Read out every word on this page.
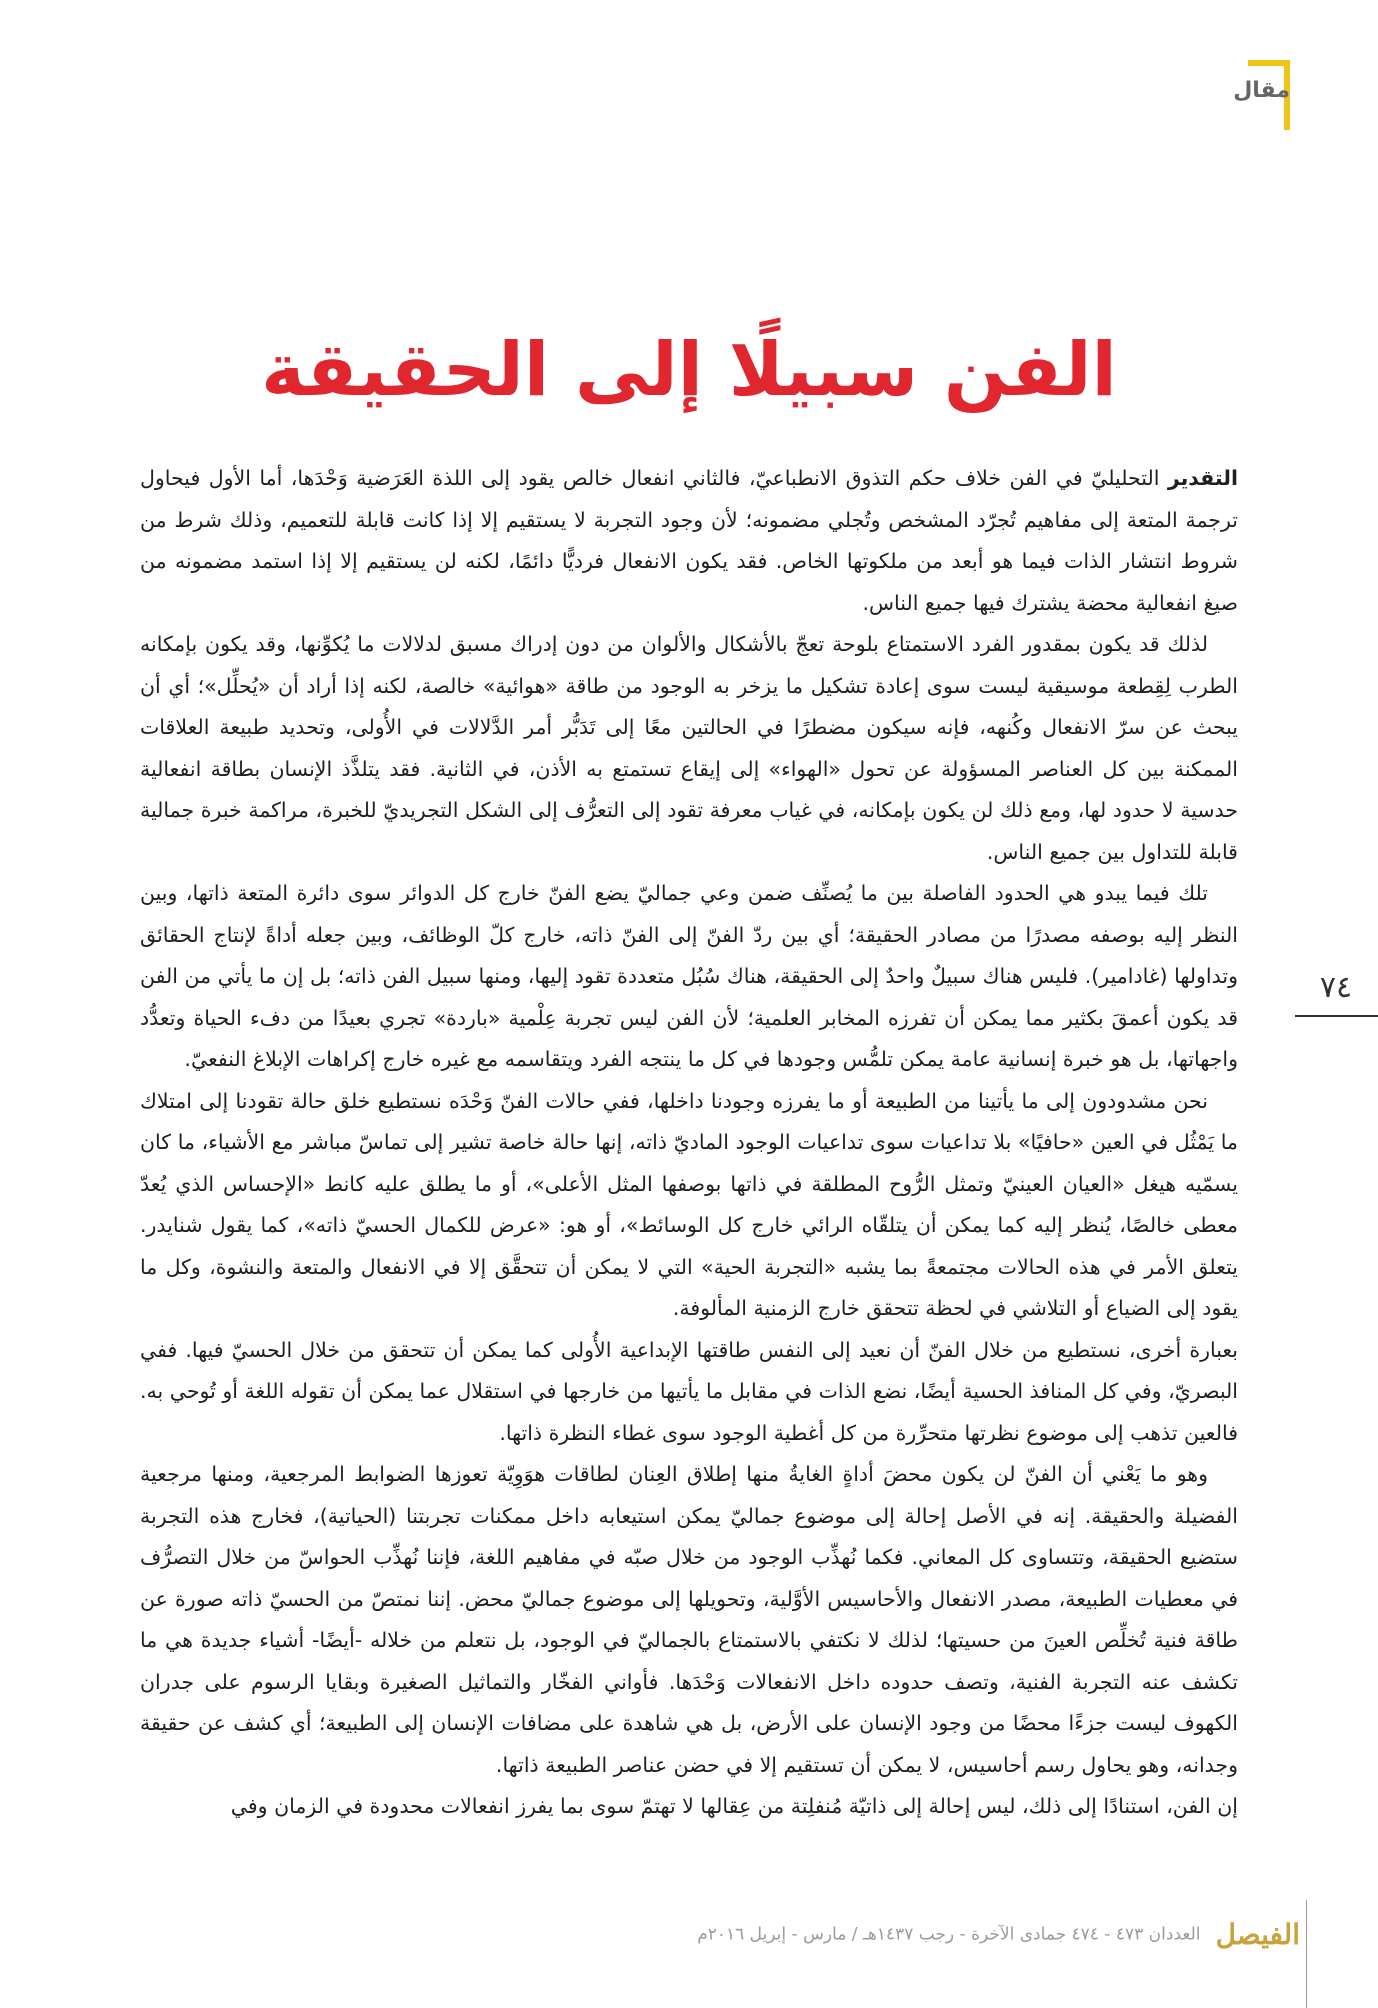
مقال
الفن سبيلًا إلى الحقيقة

التقدير التحليليّ في الفن خلاف حكم التذوق الانطباعيّ، فالثاني انفعال خالص يقود إلى اللذة العَرَضية وَحْدَها، أما الأول فيحاول ترجمة المتعة إلى مفاهيم تُجرّد المشخص وتُجلي مضمونه؛ لأن وجود التجربة لا يستقيم إلا إذا كانت قابلة للتعميم، وذلك شرط من شروط انتشار الذات فيما هو أبعد من ملكوتها الخاص. فقد يكون الانفعال فرديًّا دائمًا، لكنه لن يستقيم إلا إذا استمد مضمونه من صيغ انفعالية محضة يشترك فيها جميع الناس.

لذلك قد يكون بمقدور الفرد الاستمتاع بلوحة تعجّ بالأشكال والألوان من دون إدراك مسبق لدلالات ما يُكوِّنها، وقد يكون بإمكانه الطرب لِقِطعة موسيقية ليست سوى إعادة تشكيل ما يزخر به الوجود من طاقة «هوائية» خالصة، لكنه إذا أراد أن «يُحلِّل»؛ أي أن يبحث عن سرّ الانفعال وكُنهه، فإنه سيكون مضطرًا في الحالتين معًا إلى تَدَبُّر أمر الدَّلالات في الأُولى، وتحديد طبيعة العلاقات الممكنة بين كل العناصر المسؤولة عن تحول «الهواء» إلى إيقاع تستمتع به الأذن، في الثانية. فقد يتلذَّذ الإنسان بطاقة انفعالية حدسية لا حدود لها، ومع ذلك لن يكون بإمكانه، في غياب معرفة تقود إلى التعرُّف إلى الشكل التجريديّ للخبرة، مراكمة خبرة جمالية قابلة للتداول بين جميع الناس.

تلك فيما يبدو هي الحدود الفاصلة بين ما يُصنِّف ضمن وعي جماليّ يضع الفنّ خارج كل الدوائر سوى دائرة المتعة ذاتها، وبين النظر إليه بوصفه مصدرًا من مصادر الحقيقة؛ أي بين ردّ الفنّ إلى الفنّ ذاته، خارج كلّ الوظائف، وبين جعله أداةً لإنتاج الحقائق وتداولها (غادامير). فليس هناك سبيلٌ واحدٌ إلى الحقيقة، هناك سُبُل متعددة تقود إليها، ومنها سبيل الفن ذاته؛ بل إن ما يأتي من الفن قد يكون أعمقَ بكثير مما يمكن أن تفرزه المخابر العلمية؛ لأن الفن ليس تجربة عِلْمية «باردة» تجري بعيدًا من دفء الحياة وتعدُّد واجهاتها، بل هو خبرة إنسانية عامة يمكن تلمُّس وجودها في كل ما ينتجه الفرد ويتقاسمه مع غيره خارج إكراهات الإبلاغ النفعيّ.

نحن مشدودون إلى ما يأتينا من الطبيعة أو ما يفرزه وجودنا داخلها، ففي حالات الفنّ وَحْدَه نستطيع خلق حالة تقودنا إلى امتلاك ما يَمْثُل في العين «حافيًا» بلا تداعيات سوى تداعيات الوجود الماديّ ذاته، إنها حالة خاصة تشير إلى تماسّ مباشر مع الأشياء، ما كان يسمّيه هيغل «العيان العينيّ وتمثل الرُّوح المطلقة في ذاتها بوصفها المثل الأعلى»، أو ما يطلق عليه كانط «الإحساس الذي يُعدّ معطى خالصًا، يُنظر إليه كما يمكن أن يتلقّاه الرائي خارج كل الوسائط»، أو هو: «عرض للكمال الحسيّ ذاته»، كما يقول شنايدر. يتعلق الأمر في هذه الحالات مجتمعةً بما يشبه «التجربة الحية» التي لا يمكن أن تتحقَّق إلا في الانفعال والمتعة والنشوة، وكل ما يقود إلى الضياع أو التلاشي في لحظة تتحقق خارج الزمنية المألوفة.

بعبارة أخرى، نستطيع من خلال الفنّ أن نعيد إلى النفس طاقتها الإبداعية الأُولى كما يمكن أن تتحقق من خلال الحسيّ فيها. ففي البصريّ، وفي كل المنافذ الحسية أيضًا، نضع الذات في مقابل ما يأتيها من خارجها في استقلال عما يمكن أن تقوله اللغة أو تُوحي به. فالعين تذهب إلى موضوع نظرتها متحرِّرة من كل أغطية الوجود سوى غطاء النظرة ذاتها.

وهو ما يَعْني أن الفنّ لن يكون محضَ أداةٍ الغايةُ منها إطلاق العِنان لطاقات هوَوِيّة تعوزها الضوابط المرجعية، ومنها مرجعية الفضيلة والحقيقة. إنه في الأصل إحالة إلى موضوع جماليّ يمكن استيعابه داخل ممكنات تجربتنا (الحياتية)، فخارج هذه التجربة ستضيع الحقيقة، وتتساوى كل المعاني. فكما نُهذِّب الوجود من خلال صبّه في مفاهيم اللغة، فإننا نُهذِّب الحواسّ من خلال التصرُّف في معطيات الطبيعة، مصدر الانفعال والأحاسيس الأوَّلية، وتحويلها إلى موضوع جماليّ محض. إننا نمتصّ من الحسيّ ذاته صورة عن طاقة فنية تُخلِّص العينَ من حسيتها؛ لذلك لا نكتفي بالاستمتاع بالجماليّ في الوجود، بل نتعلم من خلاله -أيضًا- أشياء جديدة هي ما تكشف عنه التجربة الفنية، وتصف حدوده داخل الانفعالات وَحْدَها. فأواني الفخّار والتماثيل الصغيرة وبقايا الرسوم على جدران الكهوف ليست جزءًا محضًا من وجود الإنسان على الأرض، بل هي شاهدة على مضافات الإنسان إلى الطبيعة؛ أي كشف عن حقيقة وجدانه، وهو يحاول رسم أحاسيس، لا يمكن أن تستقيم إلا في حضن عناصر الطبيعة ذاتها.

إن الفن، استنادًا إلى ذلك، ليس إحالة إلى ذاتيّة مُنفلِتة من عِقالها لا تهتمّ سوى بما يفرز انفعالات محدودة في الزمان وفي

٧٤
الفيصل العددان ٤٧٣ - ٤٧٤ جمادى الآخرة - رجب ١٤٣٧هـ / مارس - إبريل ٢٠١٦م
